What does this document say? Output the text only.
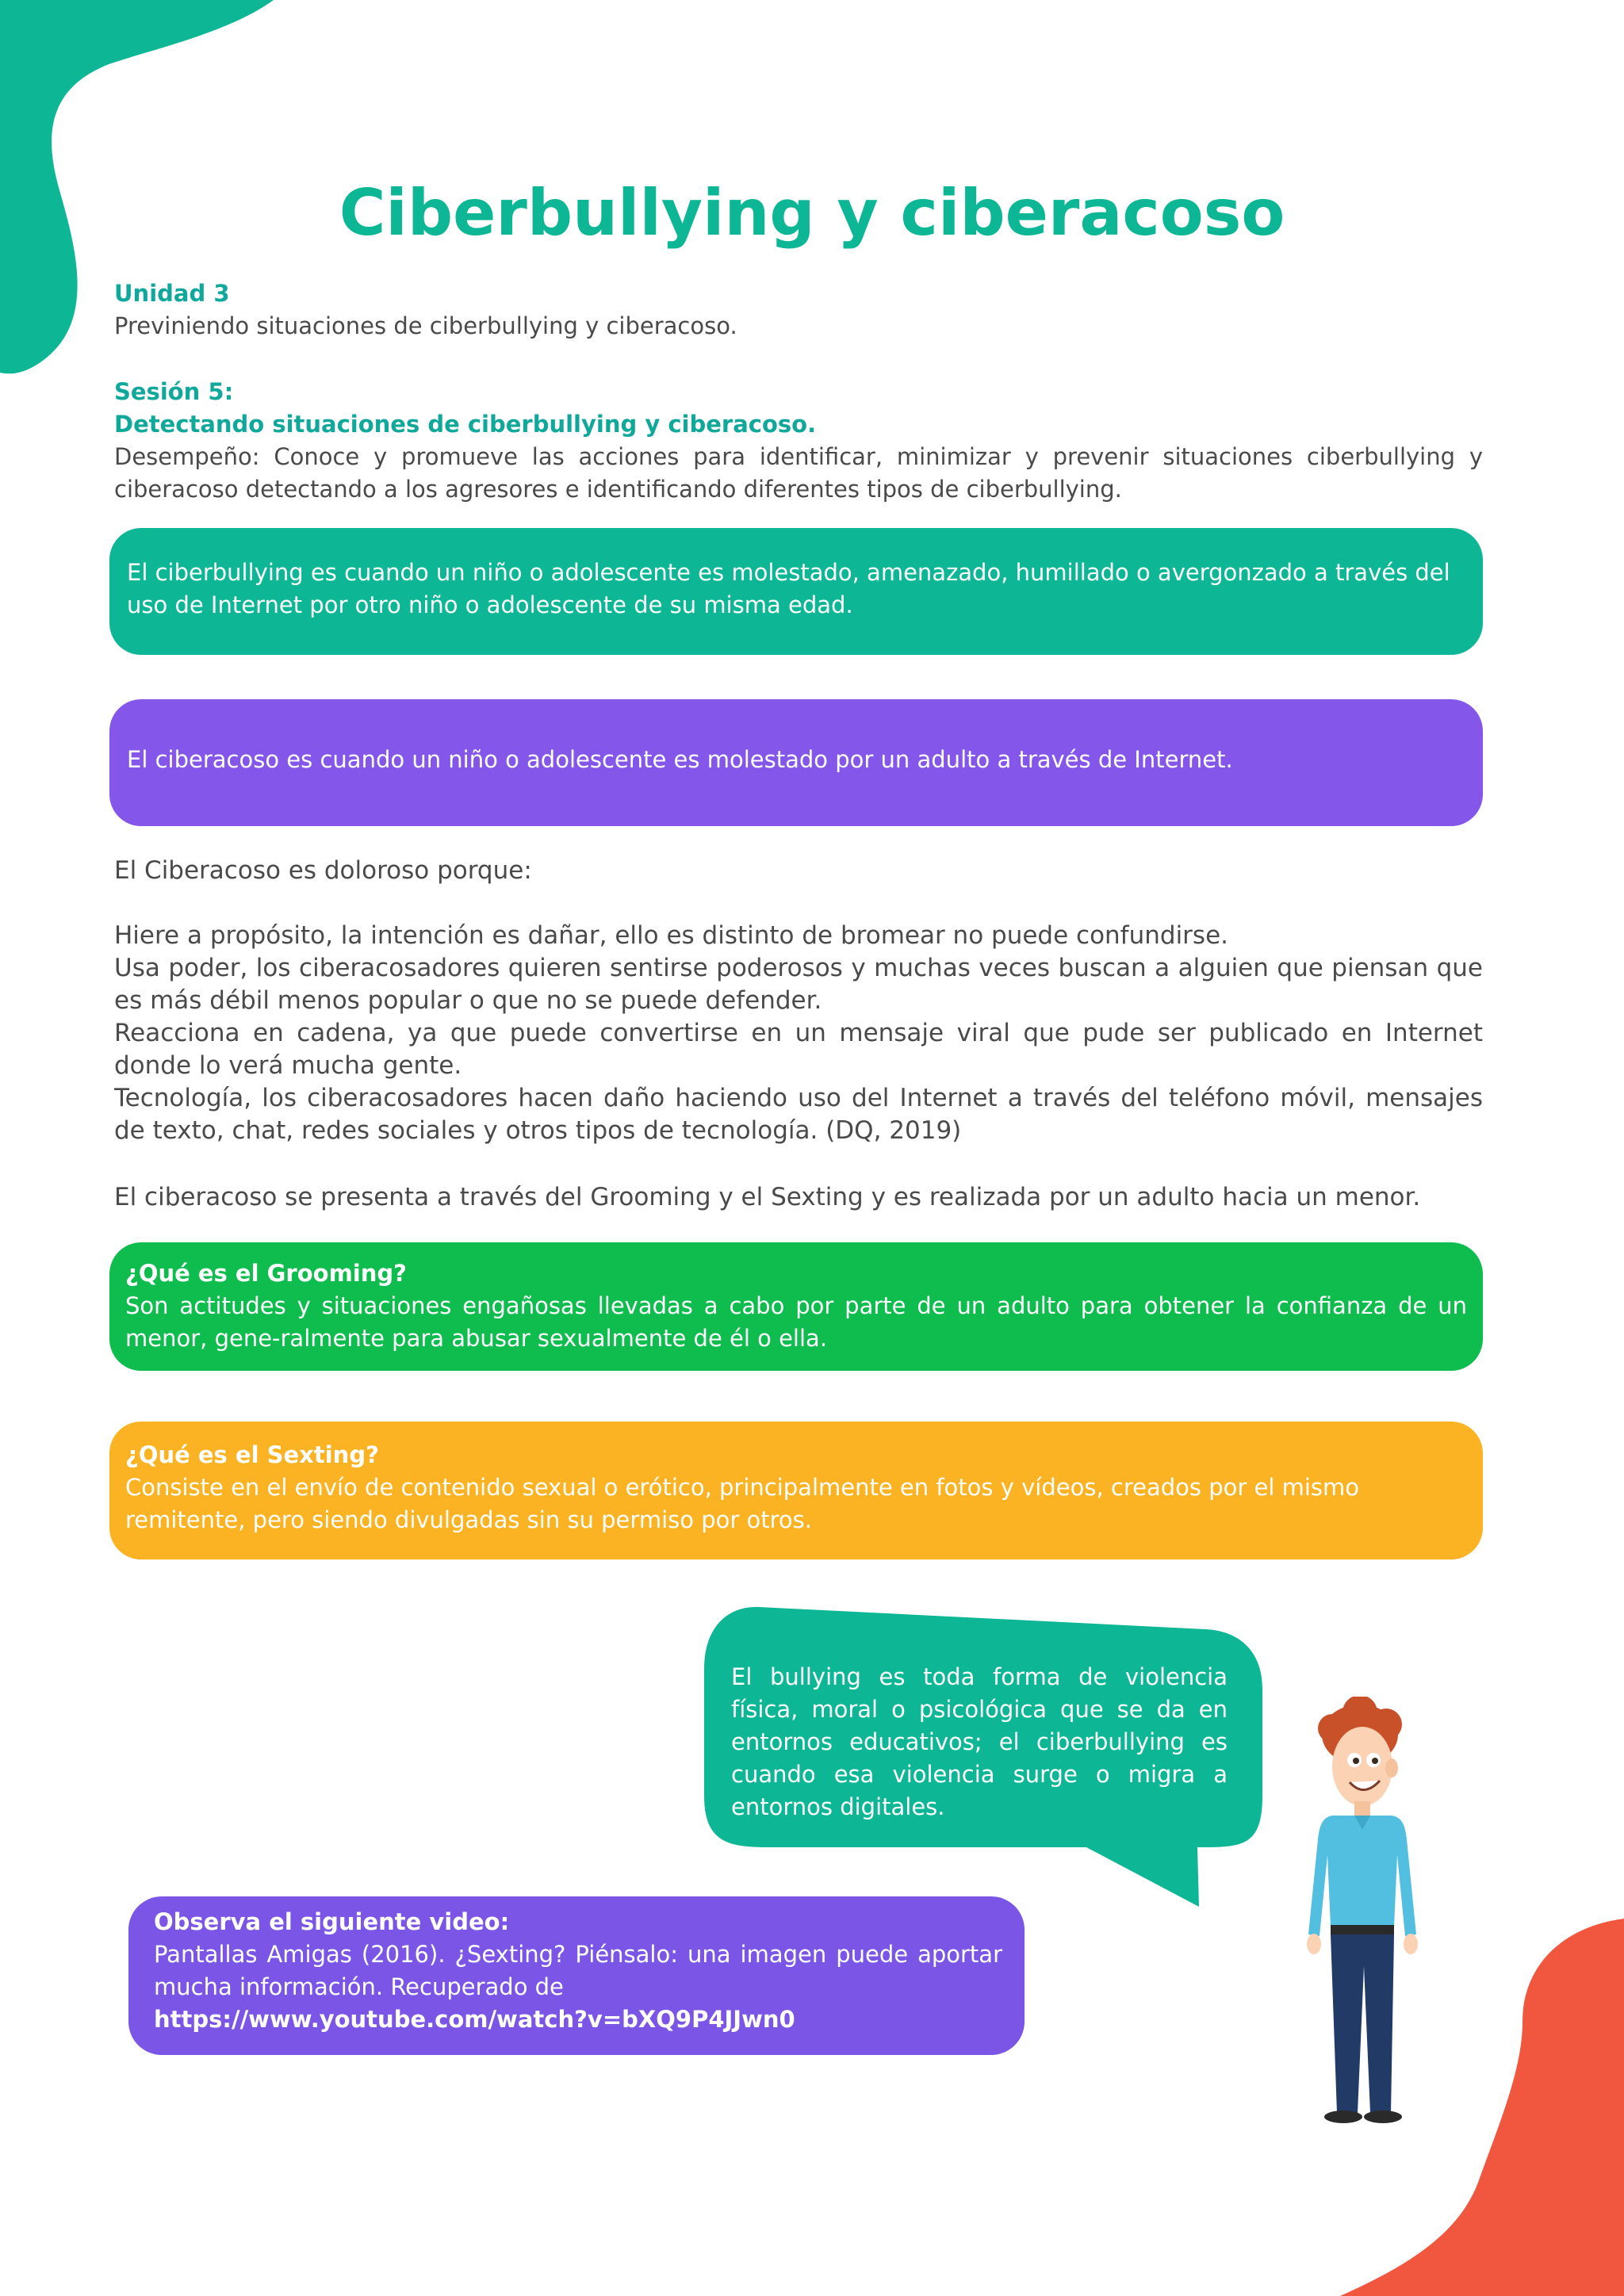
Ciberbullying y ciberacoso
Unidad 3
Previniendo situaciones de ciberbullying y ciberacoso.
Sesión 5:
Detectando situaciones de ciberbullying y ciberacoso.
Desempeño: Conoce y promueve las acciones para identificar, minimizar y prevenir situaciones ciberbullying y ciberacoso detectando a los agresores e identificando diferentes tipos de ciberbullying.
El ciberbullying es cuando un niño o adolescente es molestado, amenazado, humillado o avergonzado a través del uso de Internet por otro niño o adolescente de su misma edad.
El ciberacoso es cuando un niño o adolescente es molestado por un adulto a través de Internet.
El Ciberacoso es doloroso porque:
Hiere a propósito, la intención es dañar, ello es distinto de bromear no puede confundirse.
Usa poder, los ciberacosadores quieren sentirse poderosos y muchas veces buscan a alguien que piensan que es más débil menos popular o que no se puede defender.
Reacciona en cadena, ya que puede convertirse en un mensaje viral que pude ser publicado en Internet donde lo verá mucha gente.
Tecnología, los ciberacosadores hacen daño haciendo uso del Internet a través del teléfono móvil, mensajes de texto, chat, redes sociales y otros tipos de tecnología. (DQ, 2019)
El ciberacoso se presenta a través del Grooming y el Sexting y es realizada por un adulto hacia un menor.
¿Qué es el Grooming?
Son actitudes y situaciones engañosas llevadas a cabo por parte de un adulto para obtener la confianza de un menor, gene-ralmente para abusar sexualmente de él o ella.
¿Qué es el Sexting?
Consiste en el envío de contenido sexual o erótico, principalmente en fotos y vídeos, creados por el mismo remitente, pero siendo divulgadas sin su permiso por otros.
El bullying es toda forma de violencia física, moral o psicológica que se da en entornos educativos; el ciberbullying es cuando esa violencia surge o migra a entornos digitales.
Observa el siguiente video:
Pantallas Amigas (2016). ¿Sexting? Piénsalo: una imagen puede aportar mucha información. Recuperado de
https://www.youtube.com/watch?v=bXQ9P4JJwn0
